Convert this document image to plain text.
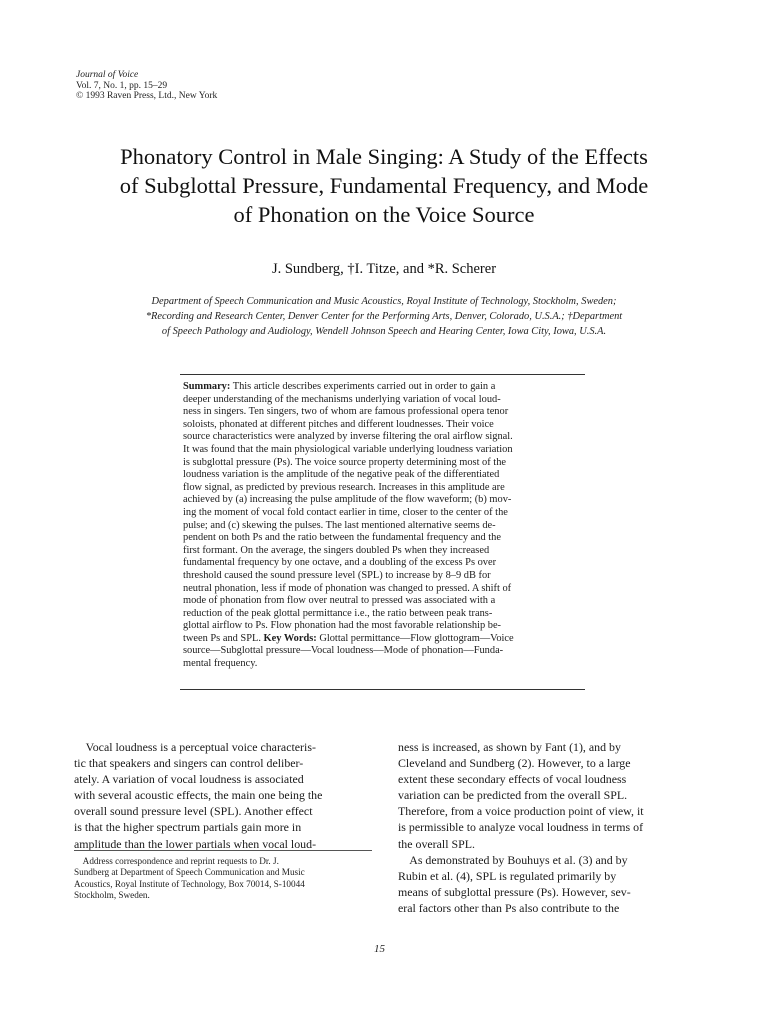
Journal of Voice
Vol. 7, No. 1, pp. 15–29
© 1993 Raven Press, Ltd., New York
Phonatory Control in Male Singing: A Study of the Effects
of Subglottal Pressure, Fundamental Frequency, and Mode
of Phonation on the Voice Source
J. Sundberg, †I. Titze, and *R. Scherer
Department of Speech Communication and Music Acoustics, Royal Institute of Technology, Stockholm, Sweden;
*Recording and Research Center, Denver Center for the Performing Arts, Denver, Colorado, U.S.A.; †Department
of Speech Pathology and Audiology, Wendell Johnson Speech and Hearing Center, Iowa City, Iowa, U.S.A.
Summary: This article describes experiments carried out in order to gain a
deeper understanding of the mechanisms underlying variation of vocal loud-
ness in singers. Ten singers, two of whom are famous professional opera tenor
soloists, phonated at different pitches and different loudnesses. Their voice
source characteristics were analyzed by inverse filtering the oral airflow signal.
It was found that the main physiological variable underlying loudness variation
is subglottal pressure (Ps). The voice source property determining most of the
loudness variation is the amplitude of the negative peak of the differentiated
flow signal, as predicted by previous research. Increases in this amplitude are
achieved by (a) increasing the pulse amplitude of the flow waveform; (b) mov-
ing the moment of vocal fold contact earlier in time, closer to the center of the
pulse; and (c) skewing the pulses. The last mentioned alternative seems de-
pendent on both Ps and the ratio between the fundamental frequency and the
first formant. On the average, the singers doubled Ps when they increased
fundamental frequency by one octave, and a doubling of the excess Ps over
threshold caused the sound pressure level (SPL) to increase by 8–9 dB for
neutral phonation, less if mode of phonation was changed to pressed. A shift of
mode of phonation from flow over neutral to pressed was associated with a
reduction of the peak glottal permittance i.e., the ratio between peak trans-
glottal airflow to Ps. Flow phonation had the most favorable relationship be-
tween Ps and SPL. Key Words: Glottal permittance—Flow glottogram—Voice
source—Subglottal pressure—Vocal loudness—Mode of phonation—Funda-
mental frequency.
Vocal loudness is a perceptual voice characteris-
tic that speakers and singers can control deliber-
ately. A variation of vocal loudness is associated
with several acoustic effects, the main one being the
overall sound pressure level (SPL). Another effect
is that the higher spectrum partials gain more in
amplitude than the lower partials when vocal loud-
Address correspondence and reprint requests to Dr. J.
Sundberg at Department of Speech Communication and Music
Acoustics, Royal Institute of Technology, Box 70014, S-10044
Stockholm, Sweden.
ness is increased, as shown by Fant (1), and by
Cleveland and Sundberg (2). However, to a large
extent these secondary effects of vocal loudness
variation can be predicted from the overall SPL.
Therefore, from a voice production point of view, it
is permissible to analyze vocal loudness in terms of
the overall SPL.
As demonstrated by Bouhuys et al. (3) and by
Rubin et al. (4), SPL is regulated primarily by
means of subglottal pressure (Ps). However, sev-
eral factors other than Ps also contribute to the
15
